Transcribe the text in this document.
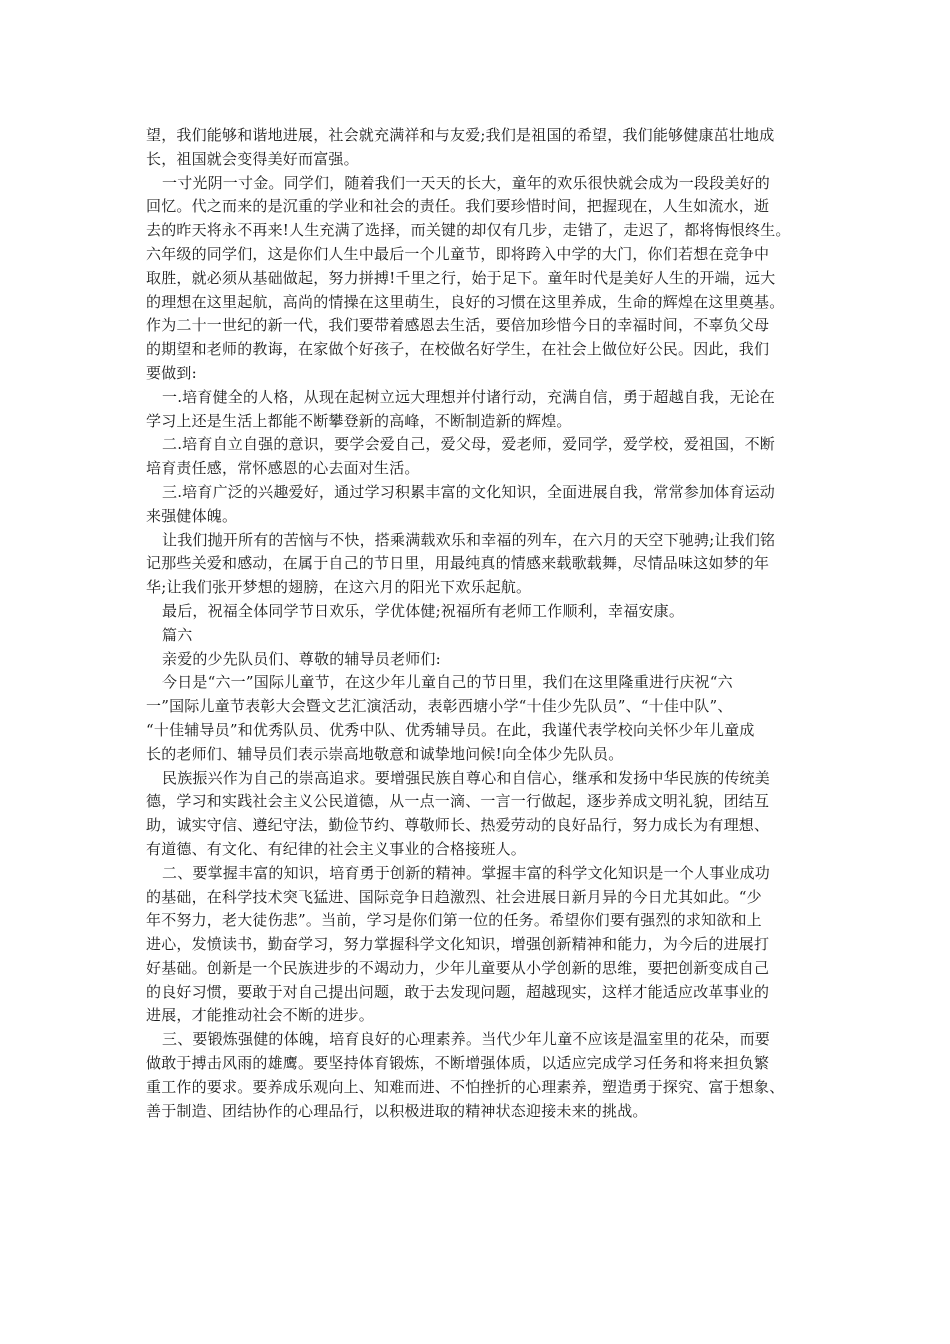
望，我们能够和谐地进展，社会就充满祥和与友爱;我们是祖国的希望，我们能够健康茁壮地成
长，祖国就会变得美好而富强。
一寸光阴一寸金。同学们，随着我们一天天的长大，童年的欢乐很快就会成为一段段美好的
回忆。代之而来的是沉重的学业和社会的责任。我们要珍惜时间，把握现在，人生如流水，逝
去的昨天将永不再来!人生充满了选择，而关键的却仅有几步，走错了，走迟了，都将悔恨终生。
六年级的同学们，这是你们人生中最后一个儿童节，即将跨入中学的大门，你们若想在竞争中
取胜，就必须从基础做起，努力拼搏!千里之行，始于足下。童年时代是美好人生的开端，远大
的理想在这里起航，高尚的情操在这里萌生，良好的习惯在这里养成，生命的辉煌在这里奠基。
作为二十一世纪的新一代，我们要带着感恩去生活，要倍加珍惜今日的幸福时间，不辜负父母
的期望和老师的教诲，在家做个好孩子，在校做名好学生，在社会上做位好公民。因此，我们
要做到:
一.培育健全的人格，从现在起树立远大理想并付诸行动，充满自信，勇于超越自我，无论在
学习上还是生活上都能不断攀登新的高峰，不断制造新的辉煌。
二.培育自立自强的意识，要学会爱自己，爱父母，爱老师，爱同学，爱学校，爱祖国，不断
培育责任感，常怀感恩的心去面对生活。
三.培育广泛的兴趣爱好，通过学习积累丰富的文化知识，全面进展自我，常常参加体育运动
来强健体魄。
让我们抛开所有的苦恼与不快，搭乘满载欢乐和幸福的列车，在六月的天空下驰骋;让我们铭
记那些关爱和感动，在属于自己的节日里，用最纯真的情感来载歌载舞，尽情品味这如梦的年
华;让我们张开梦想的翅膀，在这六月的阳光下欢乐起航。
最后，祝福全体同学节日欢乐，学优体健;祝福所有老师工作顺利，幸福安康。
篇六
亲爱的少先队员们、尊敬的辅导员老师们:
今日是“六一”国际儿童节，在这少年儿童自己的节日里，我们在这里隆重进行庆祝“六
一”国际儿童节表彰大会暨文艺汇演活动，表彰西塘小学“十佳少先队员”、“十佳中队”、
“十佳辅导员”和优秀队员、优秀中队、优秀辅导员。在此，我谨代表学校向关怀少年儿童成
长的老师们、辅导员们表示崇高地敬意和诚挚地问候!向全体少先队员。
民族振兴作为自己的崇高追求。要增强民族自尊心和自信心，继承和发扬中华民族的传统美
德，学习和实践社会主义公民道德，从一点一滴、一言一行做起，逐步养成文明礼貌，团结互
助，诚实守信、遵纪守法，勤俭节约、尊敬师长、热爱劳动的良好品行，努力成长为有理想、
有道德、有文化、有纪律的社会主义事业的合格接班人。
二、要掌握丰富的知识，培育勇于创新的精神。掌握丰富的科学文化知识是一个人事业成功
的基础，在科学技术突飞猛进、国际竞争日趋激烈、社会进展日新月异的今日尤其如此。“少
年不努力，老大徒伤悲”。当前，学习是你们第一位的任务。希望你们要有强烈的求知欲和上
进心，发愤读书，勤奋学习，努力掌握科学文化知识，增强创新精神和能力，为今后的进展打
好基础。创新是一个民族进步的不竭动力，少年儿童要从小学创新的思维，要把创新变成自己
的良好习惯，要敢于对自己提出问题，敢于去发现问题，超越现实，这样才能适应改革事业的
进展，才能推动社会不断的进步。
三、要锻炼强健的体魄，培育良好的心理素养。当代少年儿童不应该是温室里的花朵，而要
做敢于搏击风雨的雄鹰。要坚持体育锻炼，不断增强体质，以适应完成学习任务和将来担负繁
重工作的要求。要养成乐观向上、知难而进、不怕挫折的心理素养，塑造勇于探究、富于想象、
善于制造、团结协作的心理品行，以积极进取的精神状态迎接未来的挑战。
